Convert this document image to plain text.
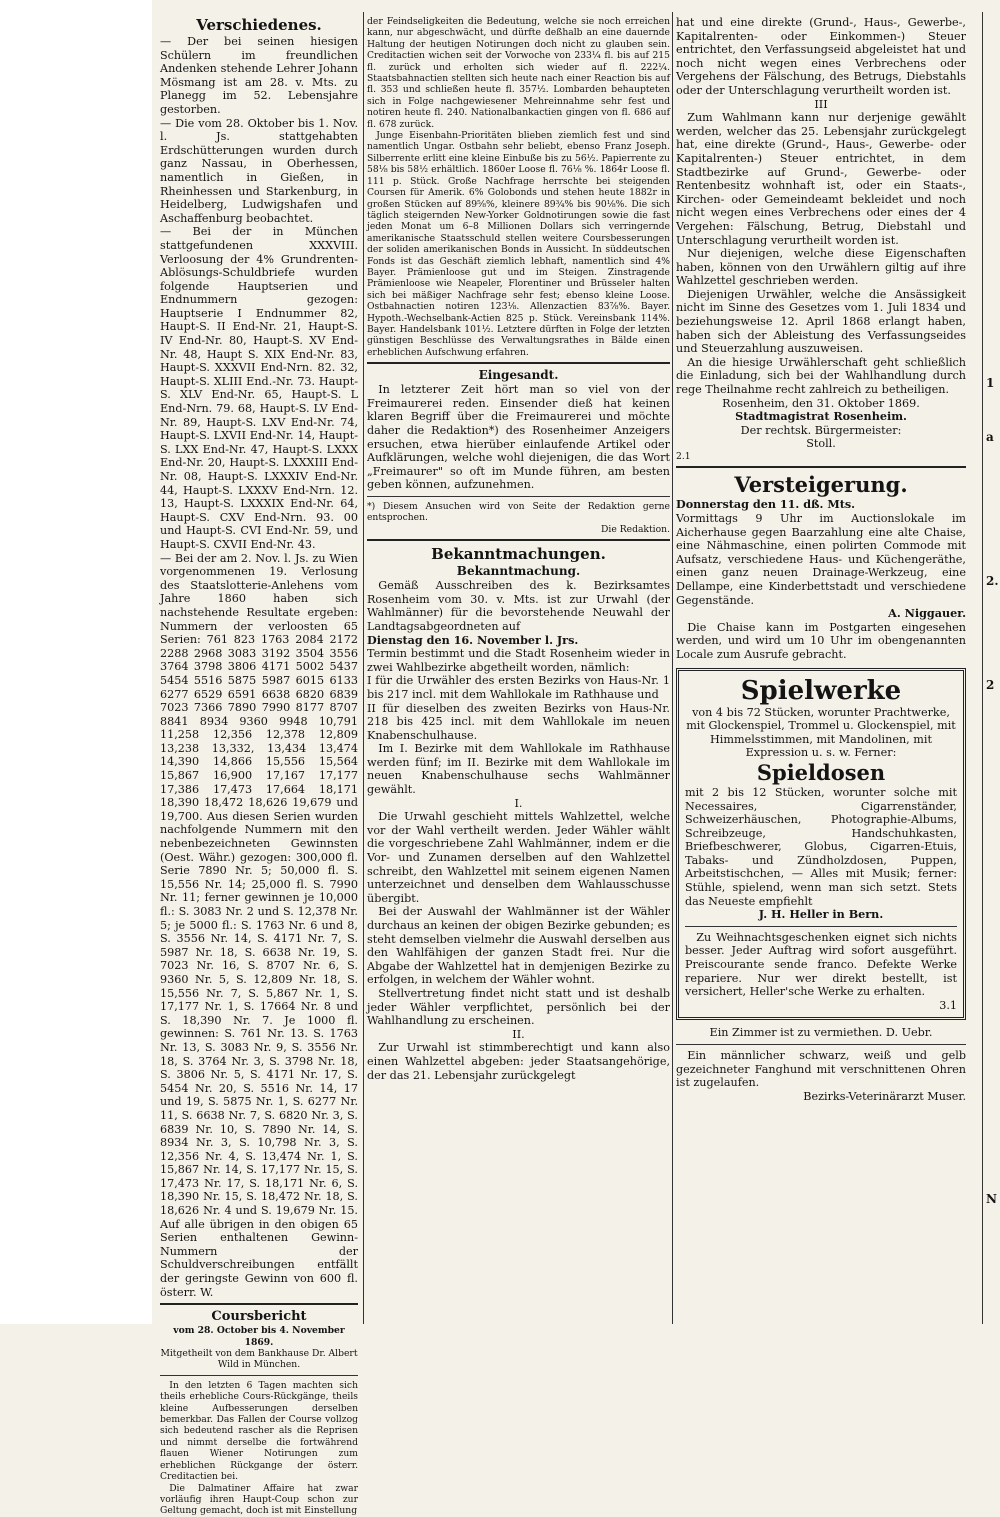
Verschiedenes.

— Der bei seinen hiesigen Schülern im freundlichen Andenken stehende Lehrer Johann Mösmang ist am 28. v. Mts. zu Planegg im 52. Lebensjahre gestorben.

— Die vom 28. Oktober bis 1. Nov. l. Js. stattgehabten Erdschütterungen wurden durch ganz Nassau, in Oberhessen, namentlich in Gießen, in Rheinhessen und Starkenburg, in Heidelberg, Ludwigshafen und Aschaffenburg beobachtet.

— Bei der in München stattgefundenen XXXVIII. Verloosung der 4% Grundrenten-Ablösungs-Schuldbriefe wurden folgende Hauptserien und Endnummern gezogen: Hauptserie I Endnummer 82, Haupt-S. II End-Nr. 21, Haupt-S. IV End-Nr. 80, Haupt-S. XV End-Nr. 48, Haupt S. XIX End-Nr. 83, Haupt-S. XXXVII End-Nrn. 82. 32, Haupt-S. XLIII End.-Nr. 73. Haupt-S. XLV End-Nr. 65, Haupt-S. L End-Nrn. 79. 68, Haupt-S. LV End-Nr. 89, Haupt-S. LXV End-Nr. 74, Haupt-S. LXVII End-Nr. 14, Haupt-S. LXX End-Nr. 47, Haupt-S. LXXX End-Nr. 20, Haupt-S. LXXXIII End-Nr. 08, Haupt-S. LXXXIV End-Nr. 44, Haupt-S. LXXXV End-Nrn. 12. 13, Haupt-S. LXXXIX End-Nr. 64, Haupt-S. CXV End-Nrn. 93. 00 und Haupt-S. CVI End-Nr. 59, und Haupt-S. CXVII End-Nr. 43.

— Bei der am 2. Nov. l. Js. zu Wien vorgenommenen 19. Verlosung des Staatslotterie-Anlehens vom Jahre 1860 haben sich nachstehende Resultate ergeben: Nummern der verloosten 65 Serien: 761 823 1763 2084 2172 2288 2968 3083 3192 3504 3556 3764 3798 3806 4171 5002 5437 5454 5516 5875 5987 6015 6133 6277 6529 6591 6638 6820 6839 7023 7366 7890 7990 8177 8707 8841 8934 9360 9948 10,791 11,258 12,356 12,378 12,809 13,238 13,332, 13,434 13,474 14,390 14,866 15,556 15,564 15,867 16,900 17,167 17,177 17,386 17,473 17,664 18,171 18,390 18,472 18,626 19,679 und 19,700. Aus diesen Serien wurden nachfolgende Nummern mit den nebenbezeichneten Gewinnsten (Oest. Währ.) gezogen: 300,000 fl. Serie 7890 Nr. 5; 50,000 fl. S. 15,556 Nr. 14; 25,000 fl. S. 7990 Nr. 11; ferner gewinnen je 10,000 fl.: S. 3083 Nr. 2 und S. 12,378 Nr. 5; je 5000 fl.: S. 1763 Nr. 6 und 8, S. 3556 Nr. 14, S. 4171 Nr. 7, S. 5987 Nr. 18, S. 6638 Nr. 19, S. 7023 Nr. 16, S. 8707 Nr. 6, S. 9360 Nr. 5, S. 12,809 Nr. 18, S. 15,556 Nr. 7, S. 5,867 Nr. 1, S. 17,177 Nr. 1, S. 17664 Nr. 8 und S. 18,390 Nr. 7. Je 1000 fl. gewinnen: S. 761 Nr. 13. S. 1763 Nr. 13, S. 3083 Nr. 9, S. 3556 Nr. 18, S. 3764 Nr. 3, S. 3798 Nr. 18, S. 3806 Nr. 5, S. 4171 Nr. 17, S. 5454 Nr. 20, S. 5516 Nr. 14, 17 und 19, S. 5875 Nr. 1, S. 6277 Nr. 11, S. 6638 Nr. 7, S. 6820 Nr. 3, S. 6839 Nr. 10, S. 7890 Nr. 14, S. 8934 Nr. 3, S. 10,798 Nr. 3, S. 12,356 Nr. 4, S. 13,474 Nr. 1, S. 15,867 Nr. 14, S. 17,177 Nr. 15, S. 17,473 Nr. 17, S. 18,171 Nr. 6, S. 18,390 Nr. 15, S. 18,472 Nr. 18, S. 18,626 Nr. 4 und S. 19,679 Nr. 15. Auf alle übrigen in den obigen 65 Serien enthaltenen Gewinn-Nummern der Schuldverschreibungen entfällt der geringste Gewinn von 600 fl. österr. W.

Coursbericht

vom 28. October bis 4. November 1869.

Mitgetheilt von dem Bankhause Dr. Albert Wild in München.

In den letzten 6 Tagen machten sich theils erhebliche Cours-Rückgänge, theils kleine Aufbesserungen derselben bemerkbar. Das Fallen der Course vollzog sich bedeutend rascher als die Reprisen und nimmt derselbe die fortwährend flauen Wiener Notirungen zum erheblichen Rückgange der österr. Creditactien bei.

Die Dalmatiner Affaire hat zwar vorläufig ihren Haupt-Coup schon zur Geltung gemacht, doch ist mit Einstellung

der Feindseligkeiten die Bedeutung, welche sie noch erreichen kann, nur abgeschwächt, und dürfte deßhalb an eine dauernde Haltung der heutigen Notirungen doch nicht zu glauben sein. Creditactien wichen seit der Vorwoche von 233¼ fl. bis auf 215 fl. zurück und erholten sich wieder auf fl. 222¼. Staatsbahnactien stellten sich heute nach einer Reaction bis auf fl. 353 und schließen heute fl. 357½. Lombarden behaupteten sich in Folge nachgewiesener Mehreinnahme sehr fest und notiren heute fl. 240. Nationalbankactien gingen von fl. 686 auf fl. 678 zurück.

Junge Eisenbahn-Prioritäten blieben ziemlich fest und sind namentlich Ungar. Ostbahn sehr beliebt, ebenso Franz Joseph. Silberrente erlitt eine kleine Einbuße bis zu 56½. Papierrente zu 58⅛ bis 58½ erhältlich. 1860er Loose fl. 76⅛ %. 1864r Loose fl. 111 p. Stück. Große Nachfrage herrschte bei steigenden Coursen für Amerik. 6% Golobonds und stehen heute 1882r in großen Stücken auf 89⅝%, kleinere 89¾% bis 90⅛%. Die sich täglich steigernden New-Yorker Goldnotirungen sowie die fast jeden Monat um 6–8 Millionen Dollars sich verringernde amerikanische Staatsschuld stellen weitere Coursbesserungen der soliden amerikanischen Bonds in Aussicht. In süddeutschen Fonds ist das Geschäft ziemlich lebhaft, namentlich sind 4% Bayer. Prämienloose gut und im Steigen. Zinstragende Prämienloose wie Neapeler, Florentiner und Brüsseler halten sich bei mäßiger Nachfrage sehr fest; ebenso kleine Loose. Ostbahnactien notiren 123⅛. Allenzactien 83⅞%. Bayer. Hypoth.-Wechselbank-Actien 825 p. Stück. Vereinsbank 114%. Bayer. Handelsbank 101½. Letztere dürften in Folge der letzten günstigen Beschlüsse des Verwaltungsrathes in Bälde einen erheblichen Aufschwung erfahren.

Eingesandt.

In letzterer Zeit hört man so viel von der Freimaurerei reden. Einsender dieß hat keinen klaren Begriff über die Freimaurerei und möchte daher die Redaktion*) des Rosenheimer Anzeigers ersuchen, etwa hierüber einlaufende Artikel oder Aufklärungen, welche wohl diejenigen, die das Wort „Freimaurer" so oft im Munde führen, am besten geben können, aufzunehmen.

*) Diesem Ansuchen wird von Seite der Redaktion gerne entsprochen.

Die Redaktion.

Bekanntmachungen.

Bekanntmachung.

Gemäß Ausschreiben des k. Bezirksamtes Rosenheim vom 30. v. Mts. ist zur Urwahl (der Wahlmänner) für die bevorstehende Neuwahl der Landtagsabgeordneten auf

Dienstag den 16. November l. Jrs.

Termin bestimmt und die Stadt Rosenheim wieder in zwei Wahlbezirke abgetheilt worden, nämlich:

I für die Urwähler des ersten Bezirks von Haus-Nr. 1 bis 217 incl. mit dem Wahllokale im Rathhause und

II für dieselben des zweiten Bezirks von Haus-Nr. 218 bis 425 incl. mit dem Wahllokale im neuen Knabenschulhause.

Im I. Bezirke mit dem Wahllokale im Rathhause werden fünf; im II. Bezirke mit dem Wahllokale im neuen Knabenschulhause sechs Wahlmänner gewählt.

I.

Die Urwahl geschieht mittels Wahlzettel, welche vor der Wahl vertheilt werden. Jeder Wähler wählt die vorgeschriebene Zahl Wahlmänner, indem er die Vor- und Zunamen derselben auf den Wahlzettel schreibt, den Wahlzettel mit seinem eigenen Namen unterzeichnet und denselben dem Wahlausschusse übergibt.

Bei der Auswahl der Wahlmänner ist der Wähler durchaus an keinen der obigen Bezirke gebunden; es steht demselben vielmehr die Auswahl derselben aus den Wahlfähigen der ganzen Stadt frei. Nur die Abgabe der Wahlzettel hat in demjenigen Bezirke zu erfolgen, in welchem der Wähler wohnt.

Stellvertretung findet nicht statt und ist deshalb jeder Wähler verpflichtet, persönlich bei der Wahlhandlung zu erscheinen.

II.

Zur Urwahl ist stimmberechtigt und kann also einen Wahlzettel abgeben: jeder Staatsangehörige, der das 21. Lebensjahr zurückgelegt

hat und eine direkte (Grund-, Haus-, Gewerbe-, Kapitalrenten- oder Einkommen-) Steuer entrichtet, den Verfassungseid abgeleistet hat und noch nicht wegen eines Verbrechens oder Vergehens der Fälschung, des Betrugs, Diebstahls oder der Unterschlagung verurtheilt worden ist.

III

Zum Wahlmann kann nur derjenige gewählt werden, welcher das 25. Lebensjahr zurückgelegt hat, eine direkte (Grund-, Haus-, Gewerbe- oder Kapitalrenten-) Steuer entrichtet, in dem Stadtbezirke auf Grund-, Gewerbe- oder Rentenbesitz wohnhaft ist, oder ein Staats-, Kirchen- oder Gemeindeamt bekleidet und noch nicht wegen eines Verbrechens oder eines der 4 Vergehen: Fälschung, Betrug, Diebstahl und Unterschlagung verurtheilt worden ist.

Nur diejenigen, welche diese Eigenschaften haben, können von den Urwählern giltig auf ihre Wahlzettel geschrieben werden.

Diejenigen Urwähler, welche die Ansässigkeit nicht im Sinne des Gesetzes vom 1. Juli 1834 und beziehungsweise 12. April 1868 erlangt haben, haben sich der Ableistung des Verfassungseides und Steuerzahlung auszuweisen.

An die hiesige Urwählerschaft geht schließlich die Einladung, sich bei der Wahlhandlung durch rege Theilnahme recht zahlreich zu betheiligen.

Rosenheim, den 31. Oktober 1869.

Stadtmagistrat Rosenheim.

Der rechtsk. Bürgermeister:

Stoll.

2.1

Versteigerung.

Donnerstag den 11. dß. Mts.

Vormittags 9 Uhr im Auctionslokale im Aicherhause gegen Baarzahlung eine alte Chaise, eine Nähmaschine, einen polirten Commode mit Aufsatz, verschiedene Haus- und Küchengeräthe, einen ganz neuen Drainage-Werkzeug, eine Dellampe, eine Kinderbettstadt und verschiedene Gegenstände.

A. Niggauer.

Die Chaise kann im Postgarten eingesehen werden, und wird um 10 Uhr im obengenannten Locale zum Ausrufe gebracht.

Spielwerke

von 4 bis 72 Stücken, worunter Prachtwerke, mit Glockenspiel, Trommel u. Glockenspiel, mit Himmelsstimmen, mit Mandolinen, mit Expression u. s. w. Ferner:

Spieldosen

mit 2 bis 12 Stücken, worunter solche mit Necessaires, Cigarrenständer, Schweizerhäuschen, Photographie-Albums, Schreibzeuge, Handschuhkasten, Briefbeschwerer, Globus, Cigarren-Etuis, Tabaks- und Zündholzdosen, Puppen, Arbeitstischchen, — Alles mit Musik; ferner: Stühle, spielend, wenn man sich setzt. Stets das Neueste empfiehlt

J. H. Heller in Bern.

Zu Weihnachtsgeschenken eignet sich nichts besser. Jeder Auftrag wird sofort ausgeführt. Preiscourante sende franco. Defekte Werke repariere. Nur wer direkt bestellt, ist versichert, Heller'sche Werke zu erhalten.

3.1

Ein Zimmer ist zu vermiethen. D. Uebr.

Ein männlicher schwarz, weiß und gelb gezeichneter Fanghund mit verschnittenen Ohren ist zugelaufen.

Bezirks-Veterinärarzt Muser.

1

a

2.

2

N
